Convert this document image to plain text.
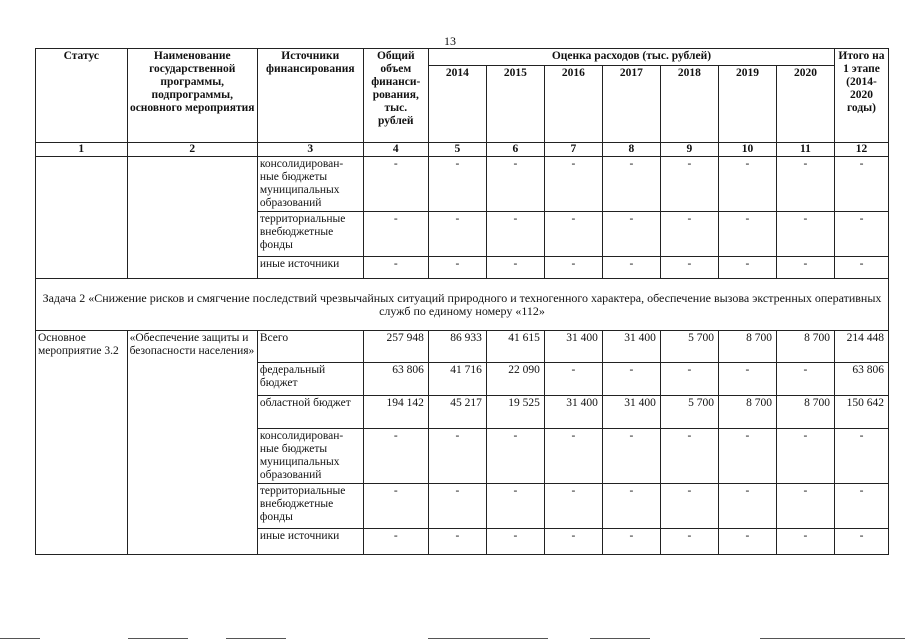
13
Статус	Наименование государственной программы, подпрограммы, основного мероприятия	Источники финансирования	Общий объем финанси- рования, тыс. рублей	Оценка расходов (тыс. рублей)							Итого на 1 этапе (2014- 2020 годы)
				2014	2015	2016	2017	2018	2019	2020	
1	2	3	4	5	6	7	8	9	10	11	12
		консолидирован- ные бюджеты муниципальных образований	-	-	-	-	-	-	-	-	-
		территориальные внебюджетные фонды	-	-	-	-	-	-	-	-	-
		иные источники	-	-	-	-	-	-	-	-	-
Задача 2 «Снижение рисков и смягчение последствий чрезвычайных ситуаций природного и техногенного характера, обеспечение вызова экстренных оперативных служб по единому номеру «112»											
Основное мероприятие 3.2	«Обеспечение защиты и безопасности населения»	Всего	257 948	86 933	41 615	31 400	31 400	5 700	8 700	8 700	214 448
		федеральный бюджет	63 806	41 716	22 090	-	-	-	-	-	63 806
		областной бюджет	194 142	45 217	19 525	31 400	31 400	5 700	8 700	8 700	150 642
		консолидирован- ные бюджеты муниципальных образований	-	-	-	-	-	-	-	-	-
		территориальные внебюджетные фонды	-	-	-	-	-	-	-	-	-
		иные источники	-	-	-	-	-	-	-	-	-
